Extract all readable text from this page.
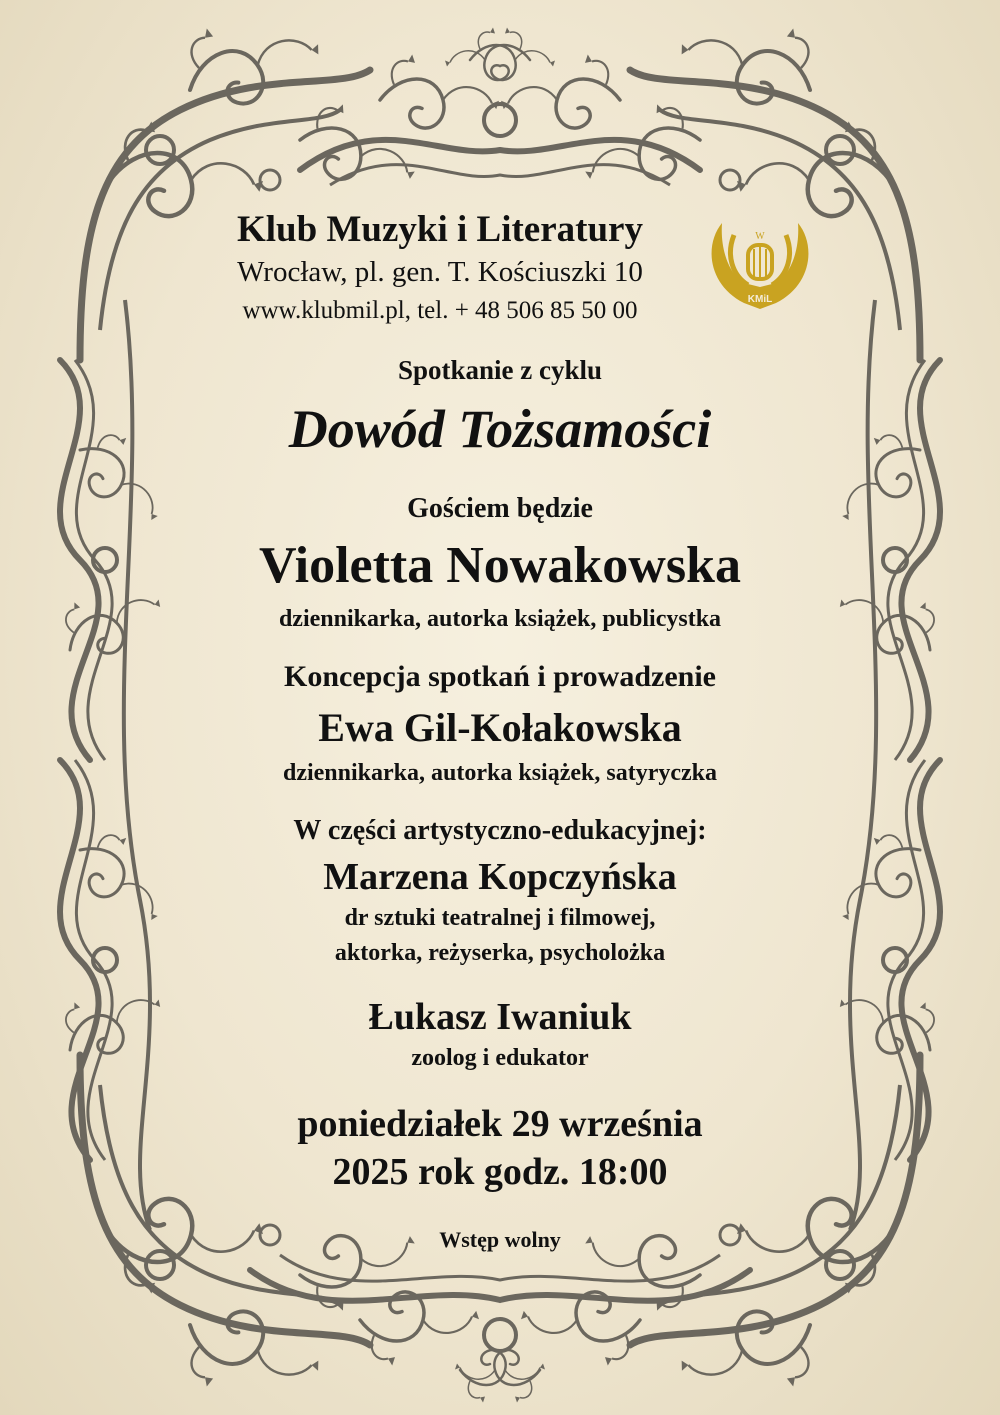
W
KMiL
Klub Muzyki i Literatury
Wrocław, pl. gen. T. Kościuszki 10
www.klubmil.pl, tel. + 48 506 85 50 00
Spotkanie z cyklu
Dowód Tożsamości
Gościem będzie
Violetta Nowakowska
dziennikarka, autorka książek, publicystka
Koncepcja spotkań i prowadzenie
Ewa Gil-Kołakowska
dziennikarka, autorka książek, satyryczka
W części artystyczno-edukacyjnej:
Marzena Kopczyńska
dr sztuki teatralnej i filmowej,
aktorka, reżyserka, psycholożka
Łukasz Iwaniuk
zoolog i edukator
poniedziałek 29 września
2025 rok godz. 18:00
Wstęp wolny
